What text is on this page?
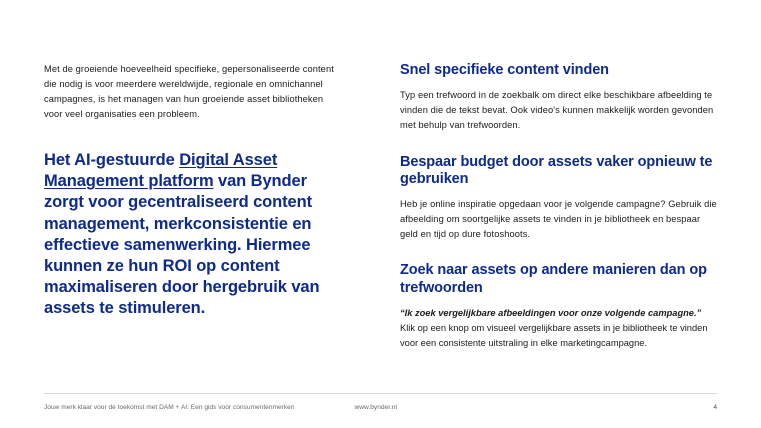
Met de groeiende hoeveelheid specifieke, gepersonaliseerde content die nodig is voor meerdere wereldwijde, regionale en omnichannel campagnes, is het managen van hun groeiende asset bibliotheken voor veel organisaties een probleem.

Het AI-gestuurde Digital Asset Management platform van Bynder zorgt voor gecentraliseerd content management, merkconsistentie en effectieve samenwerking. Hiermee kunnen ze hun ROI op content maximaliseren door hergebruik van assets te stimuleren.

Snel specifieke content vinden

Typ een trefwoord in de zoekbalk om direct elke beschikbare afbeelding te vinden die de tekst bevat. Ook video's kunnen makkelijk worden gevonden met behulp van trefwoorden.

Bespaar budget door assets vaker opnieuw te gebruiken

Heb je online inspiratie opgedaan voor je volgende campagne? Gebruik die afbeelding om soortgelijke assets te vinden in je bibliotheek en bespaar geld en tijd op dure fotoshoots.

Zoek naar assets op andere manieren dan op trefwoorden

“Ik zoek vergelijkbare afbeeldingen voor onze volgende campagne.”

Klik op een knop om visueel vergelijkbare assets in je bibliotheek te vinden voor een consistente uitstraling in elke marketingcampagne.

Jouw merk klaar voor de toekomst met DAM + AI: Een gids voor consumentenmerken	www.bynder.nl	4
